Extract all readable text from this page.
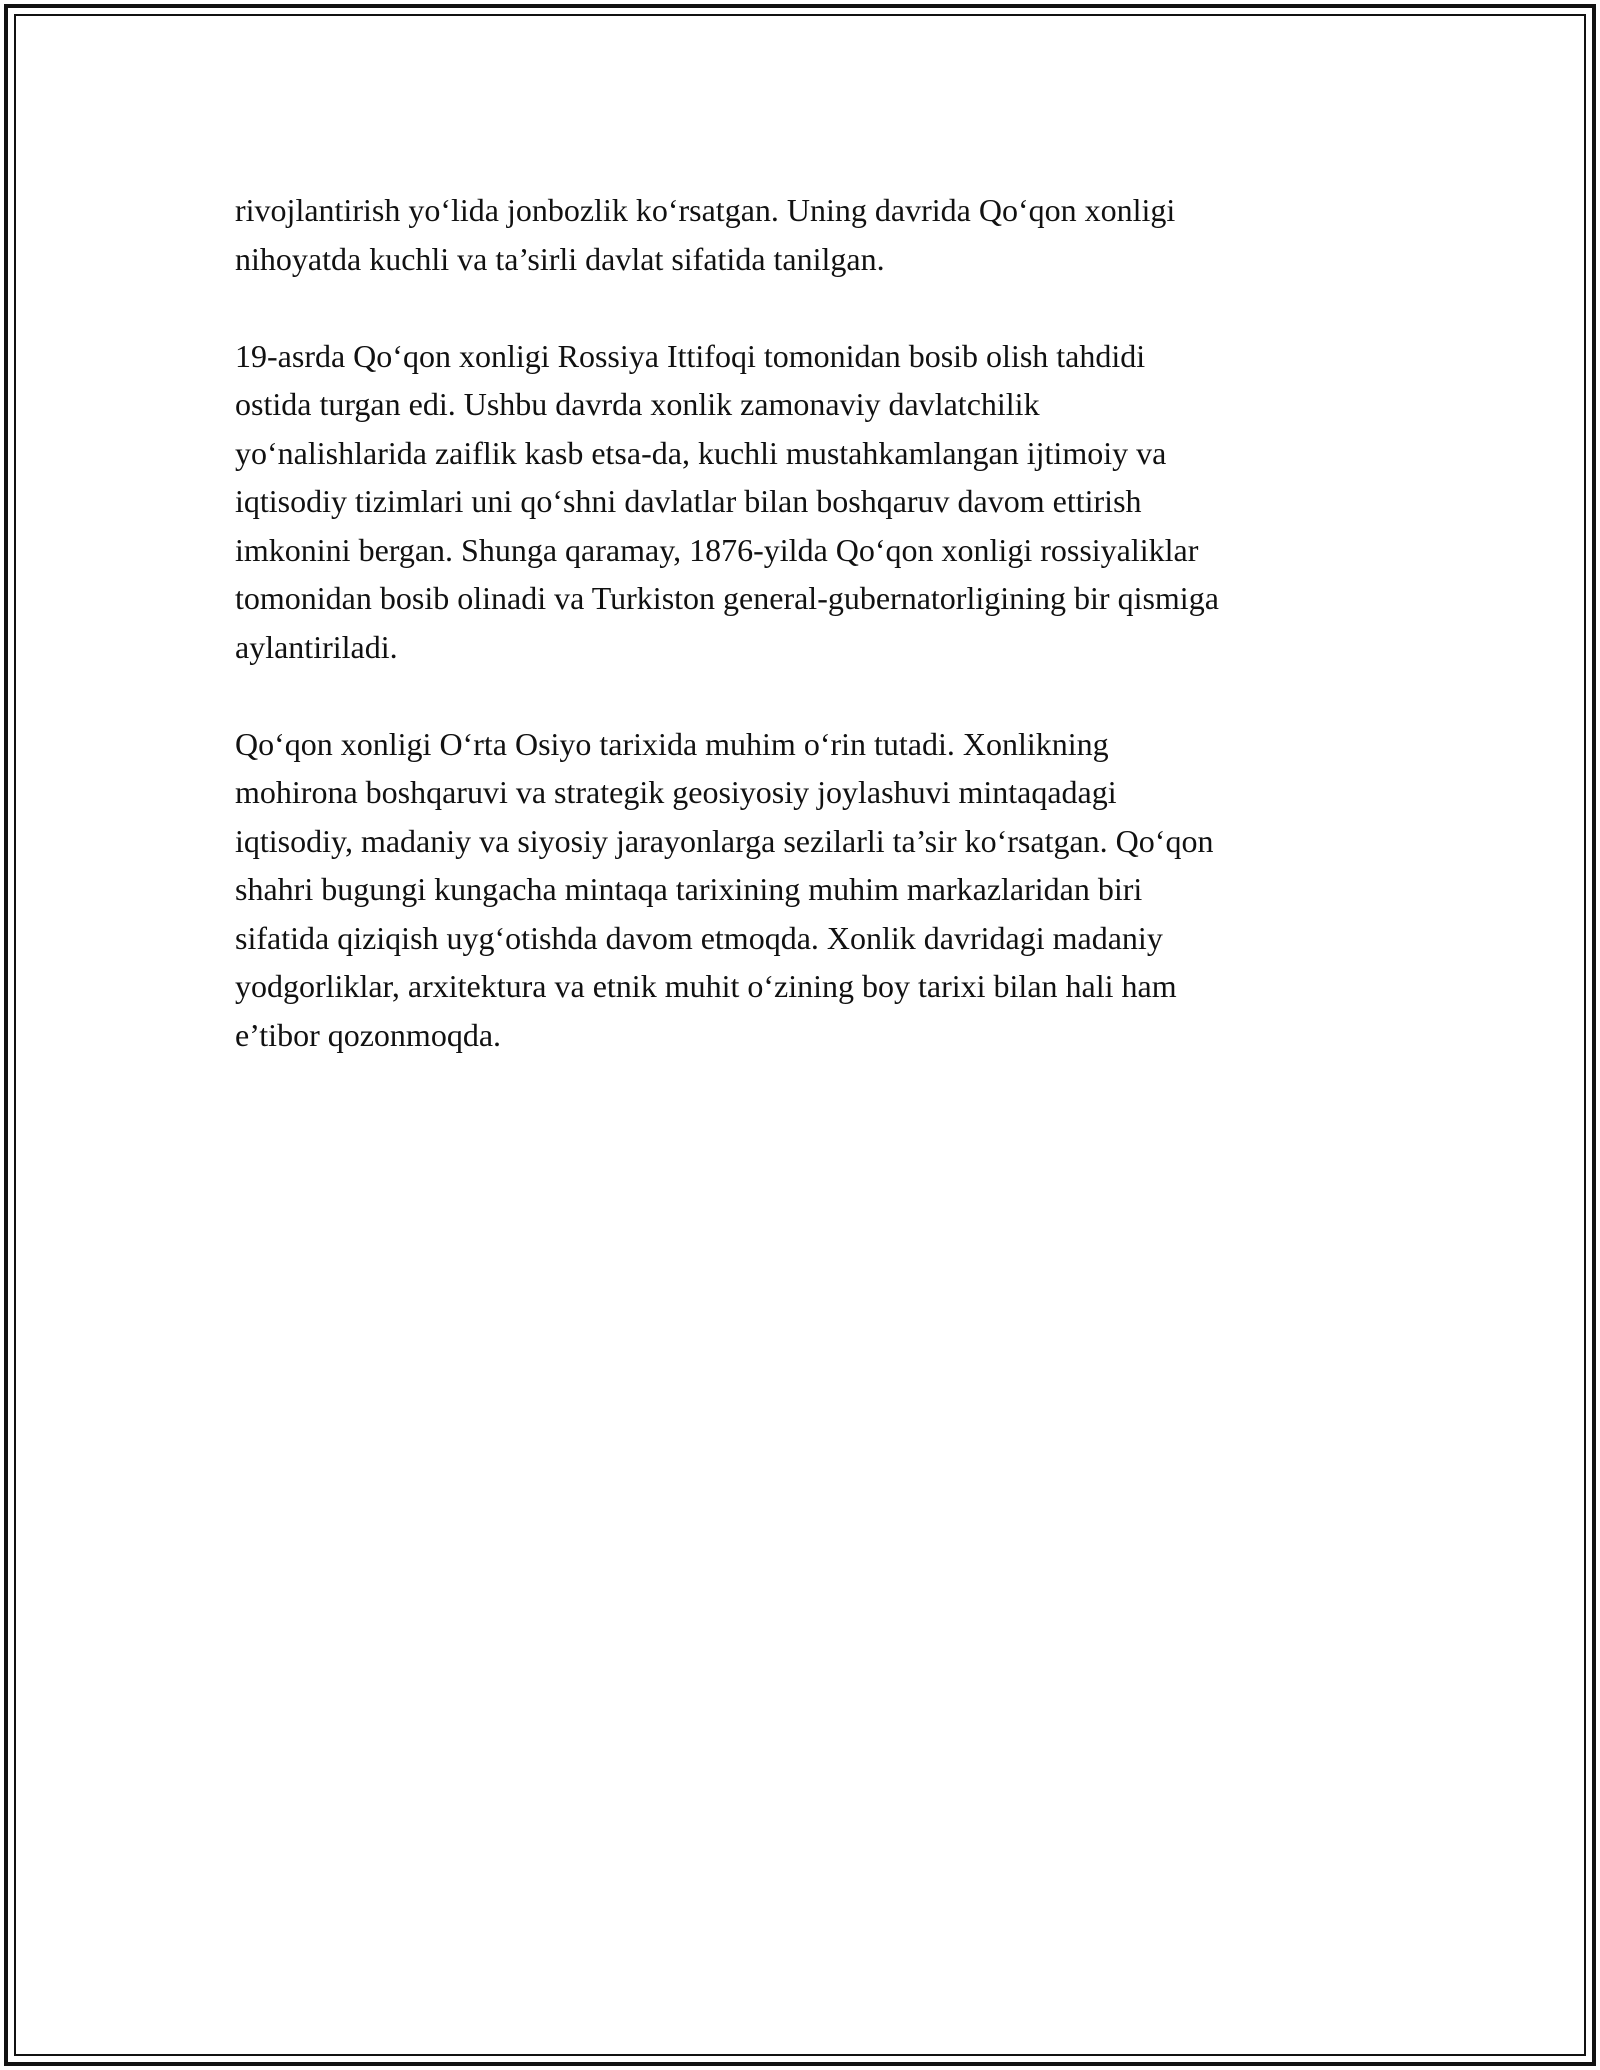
rivojlantirish yo‘lida jonbozlik ko‘rsatgan. Uning davrida Qo‘qon xonligi
nihoyatda kuchli va ta’sirli davlat sifatida tanilgan.

19-asrda Qo‘qon xonligi Rossiya Ittifoqi tomonidan bosib olish tahdidi
ostida turgan edi. Ushbu davrda xonlik zamonaviy davlatchilik
yo‘nalishlarida zaiflik kasb etsa-da, kuchli mustahkamlangan ijtimoiy va
iqtisodiy tizimlari uni qo‘shni davlatlar bilan boshqaruv davom ettirish
imkonini bergan. Shunga qaramay, 1876-yilda Qo‘qon xonligi rossiyaliklar
tomonidan bosib olinadi va Turkiston general-gubernatorligining bir qismiga
aylantiriladi.

Qo‘qon xonligi O‘rta Osiyo tarixida muhim o‘rin tutadi. Xonlikning
mohirona boshqaruvi va strategik geosiyosiy joylashuvi mintaqadagi
iqtisodiy, madaniy va siyosiy jarayonlarga sezilarli ta’sir ko‘rsatgan. Qo‘qon
shahri bugungi kungacha mintaqa tarixining muhim markazlaridan biri
sifatida qiziqish uyg‘otishda davom etmoqda. Xonlik davridagi madaniy
yodgorliklar, arxitektura va etnik muhit o‘zining boy tarixi bilan hali ham
e’tibor qozonmoqda.
